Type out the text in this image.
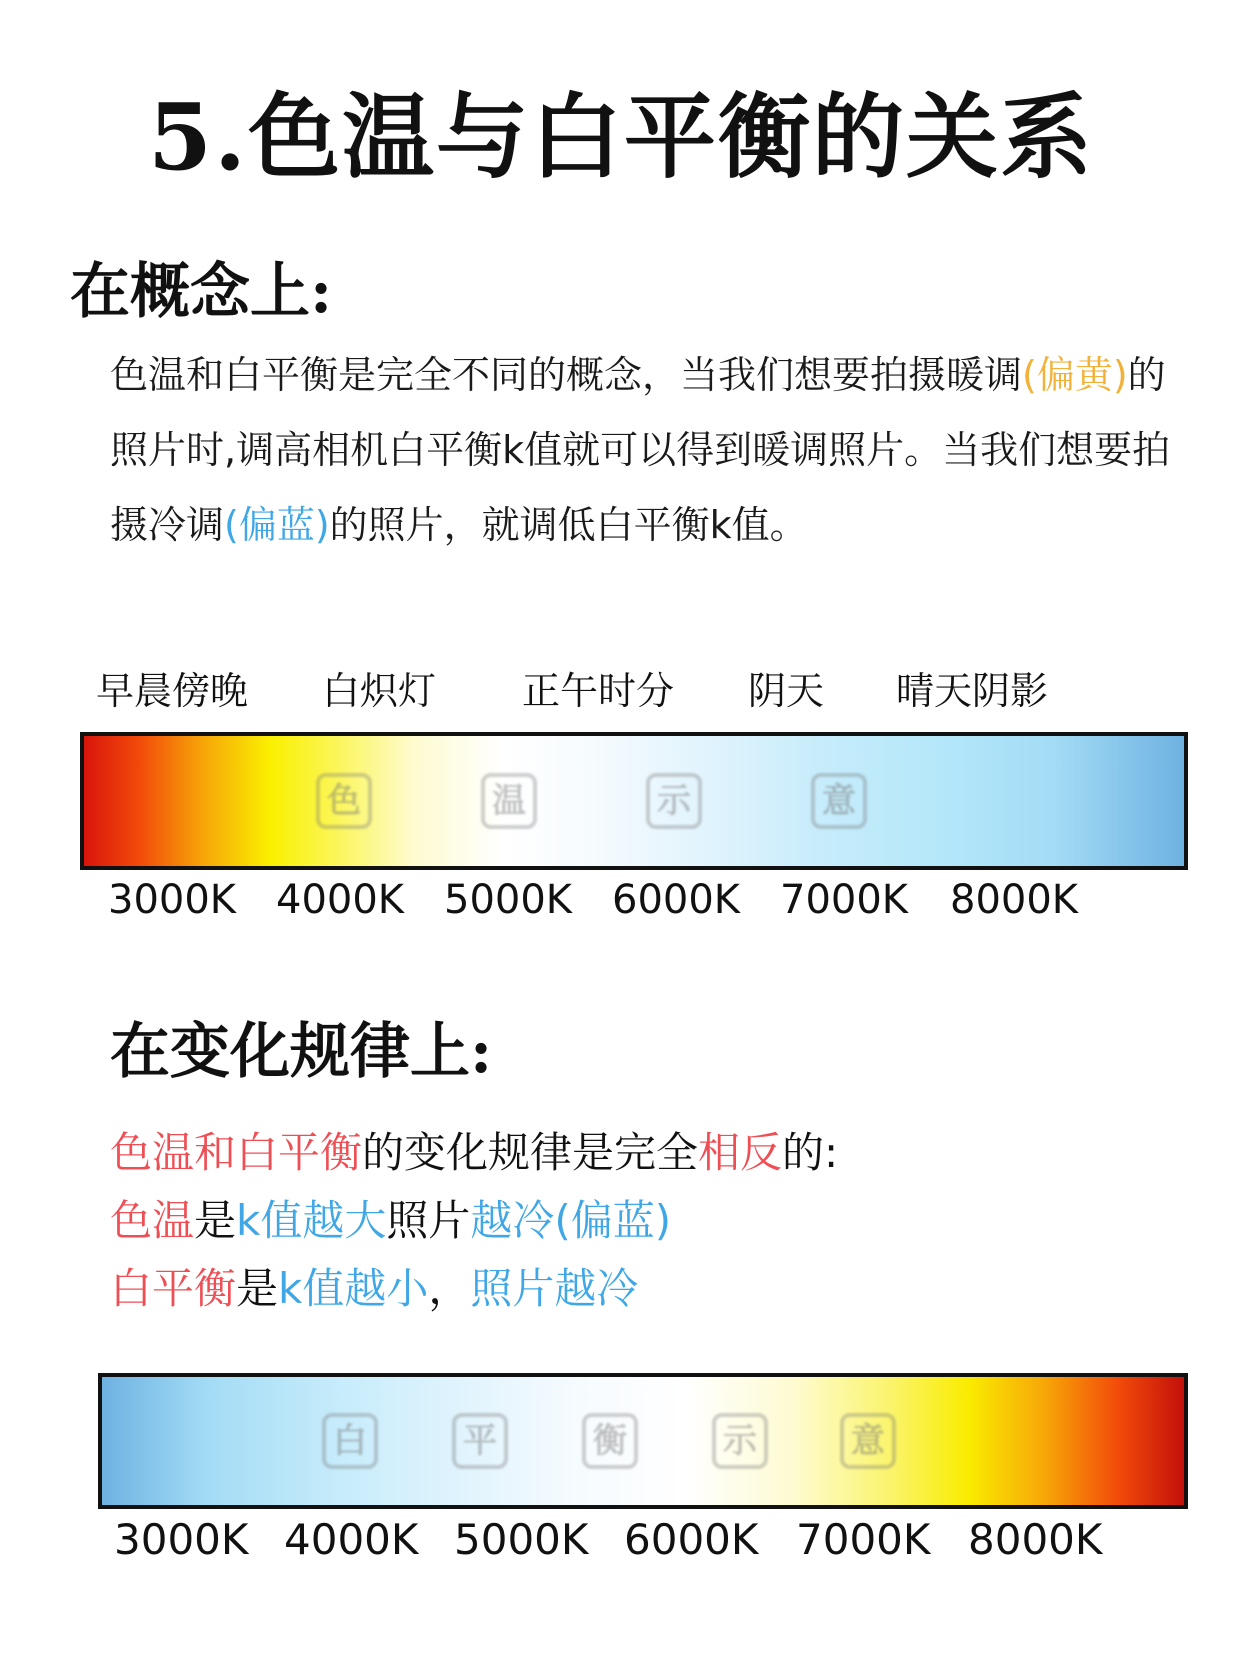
5.色温与白平衡的关系
在概念上:
色温和白平衡是完全不同的概念，当我们想要拍摄暖调(偏黄)的照片时,调高相机白平衡k值就可以得到暖调照片。当我们想要拍摄冷调(偏蓝)的照片，就调低白平衡k值。
早晨傍晚 白炽灯 正午时分 阴天 晴天阴影
色	温	示	意
3000K 4000K 5000K 6000K 7000K 8000K
在变化规律上:
色温和白平衡的变化规律是完全相反的:
色温是k值越大照片越冷(偏蓝)
白平衡是k值越小，照片越冷
白	平	衡	示	意
3000K 4000K 5000K 6000K 7000K 8000K
